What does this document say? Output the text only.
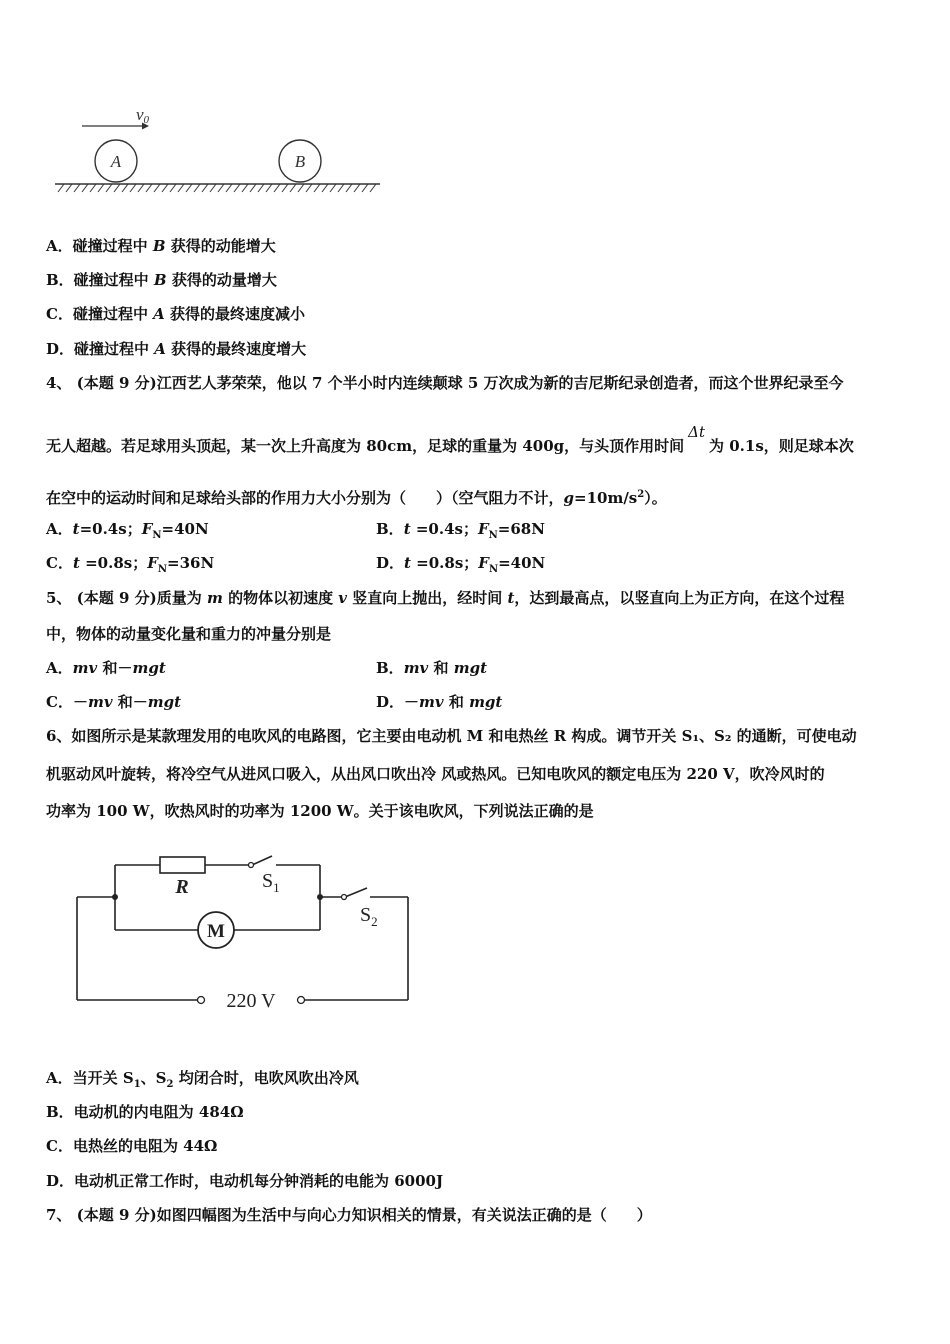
v0
A	B
A．碰撞过程中 B 获得的动能增大
B．碰撞过程中 B 获得的动量增大
C．碰撞过程中 A 获得的最终速度减小
D．碰撞过程中 A 获得的最终速度增大
4、 (本题 9 分)江西艺人茅荣荣，他以 7 个半小时内连续颠球 5 万次成为新的吉尼斯纪录创造者，而这个世界纪录至今
无人超越。若足球用头顶起，某一次上升高度为 80cm，足球的重量为 400g，与头顶作用时间Δt为 0.1s，则足球本次
在空中的运动时间和足球给头部的作用力大小分别为（　　）（空气阻力不计，$g=10m/s^2$）。
A．t=0.4s；$F_N=40N$	B．t =0.4s；$F_N=68N$
C．t =0.8s；$F_N=36N$	D．t =0.8s；$F_N=40N$
5、 (本题 9 分)质量为 m 的物体以初速度 v 竖直向上抛出，经时间 t，达到最高点，以竖直向上为正方向，在这个过程
中，物体的动量变化量和重力的冲量分别是
A．mv 和－mgt	B．mv 和 mgt
C．－mv 和－mgt	D．－mv 和 mgt
6、如图所示是某款理发用的电吹风的电路图，它主要由电动机 M 和电热丝 R 构成。调节开关 S₁、S₂ 的通断，可使电动
机驱动风叶旋转，将冷空气从进风口吸入，从出风口吹出冷 风或热风。已知电吹风的额定电压为 220 V，吹冷风时的
功率为 100 W，吹热风时的功率为 1200 W。关于该电吹风，下列说法正确的是
M
R	$S_1$
$S_2$
220 V
A．当开关 $S_1$、$S_2$ 均闭合时，电吹风吹出冷风
B．电动机的内电阻为 484Ω
C．电热丝的电阻为 44Ω
D．电动机正常工作时，电动机每分钟消耗的电能为 6000J
7、 (本题 9 分)如图四幅图为生活中与向心力知识相关的情景，有关说法正确的是（　　）
